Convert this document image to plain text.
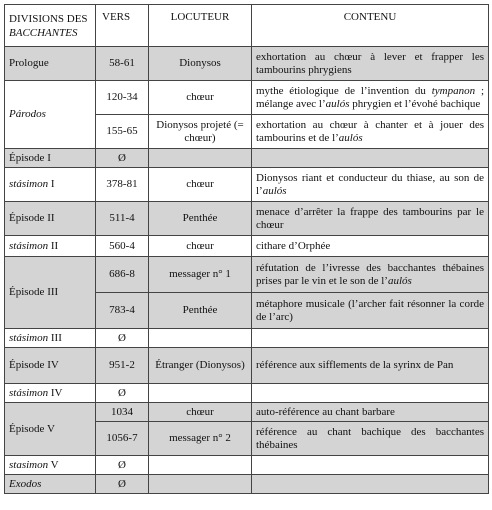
DIVISIONS DES
BACCHANTES	VERS	LOCUTEUR	CONTENU
Prologue	58-61	Dionysos	exhortation au chœur à lever et frapper les tambourins phrygiens
Párodos	120-34	chœur	mythe étiologique de l’invention du tympanon ; mélange avec l’aulós phrygien et l’évohé bachique
	155-65	Dionysos projeté (= chœur)	exhortation au chœur à chanter et à jouer des tambourins et de l’aulós
Épisode I	Ø		
stásimon I	378-81	chœur	Dionysos riant et conducteur du thiase, au son de l’aulós
Épisode II	511-4	Penthée	menace d’arrêter la frappe des tambourins par le chœur
stásimon II	560-4	chœur	cithare d’Orphée
Épisode III	686-8	messager n° 1	réfutation de l’ivresse des bacchantes thébaines prises par le vin et le son de l’aulós
	783-4	Penthée	métaphore musicale (l’archer fait résonner la corde de l’arc)
stásimon III	Ø		
Épisode IV	951-2	Étranger (Dionysos)	référence aux sifflements de la syrinx de Pan
stásimon IV	Ø		
Épisode V	1034	chœur	auto-référence au chant barbare
	1056-7	messager n° 2	référence au chant bachique des bacchantes thébaines
stasimon V	Ø		
Exodos	Ø		
